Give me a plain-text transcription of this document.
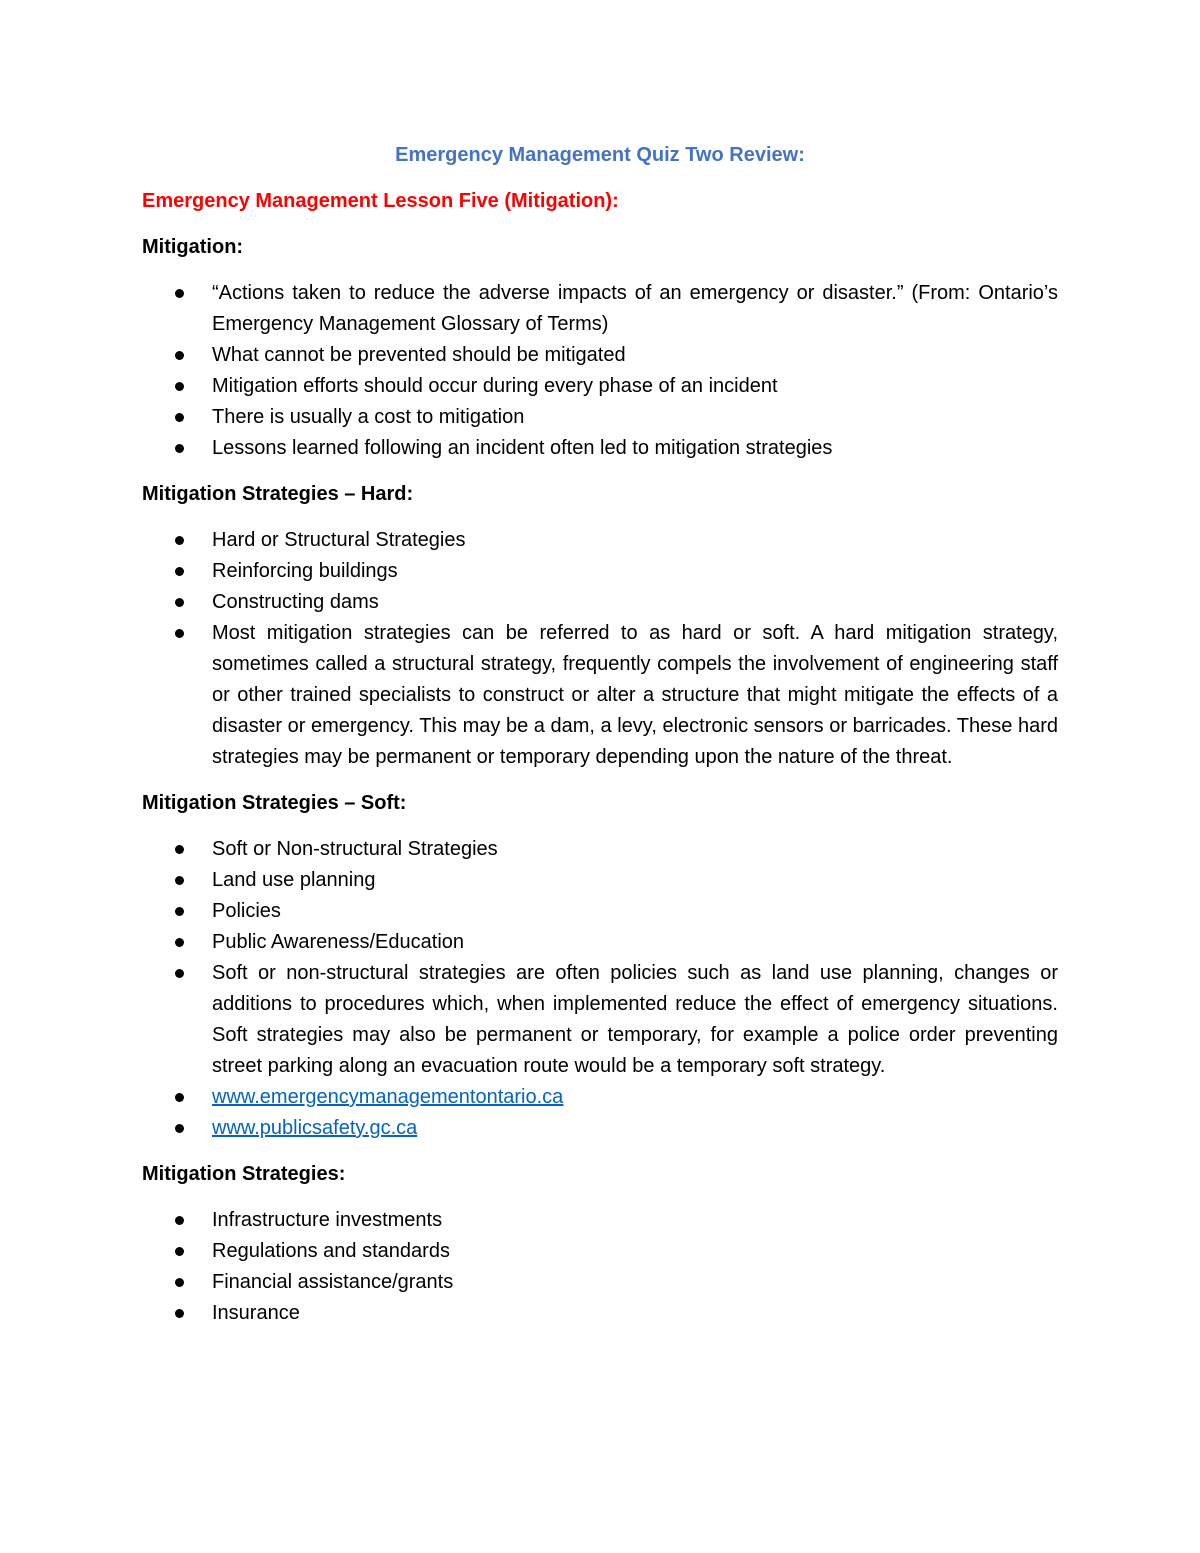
Emergency Management Quiz Two Review:
Emergency Management Lesson Five (Mitigation):
Mitigation:
“Actions taken to reduce the adverse impacts of an emergency or disaster.” (From: Ontario’s Emergency Management Glossary of Terms)
What cannot be prevented should be mitigated
Mitigation efforts should occur during every phase of an incident
There is usually a cost to mitigation
Lessons learned following an incident often led to mitigation strategies
Mitigation Strategies – Hard:
Hard or Structural Strategies
Reinforcing buildings
Constructing dams
Most mitigation strategies can be referred to as hard or soft. A hard mitigation strategy, sometimes called a structural strategy, frequently compels the involvement of engineering staff or other trained specialists to construct or alter a structure that might mitigate the effects of a disaster or emergency. This may be a dam, a levy, electronic sensors or barricades. These hard strategies may be permanent or temporary depending upon the nature of the threat.
Mitigation Strategies – Soft:
Soft or Non-structural Strategies
Land use planning
Policies
Public Awareness/Education
Soft or non-structural strategies are often policies such as land use planning, changes or additions to procedures which, when implemented reduce the effect of emergency situations. Soft strategies may also be permanent or temporary, for example a police order preventing street parking along an evacuation route would be a temporary soft strategy.
www.emergencymanagementontario.ca
www.publicsafety.gc.ca
Mitigation Strategies:
Infrastructure investments
Regulations and standards
Financial assistance/grants
Insurance
